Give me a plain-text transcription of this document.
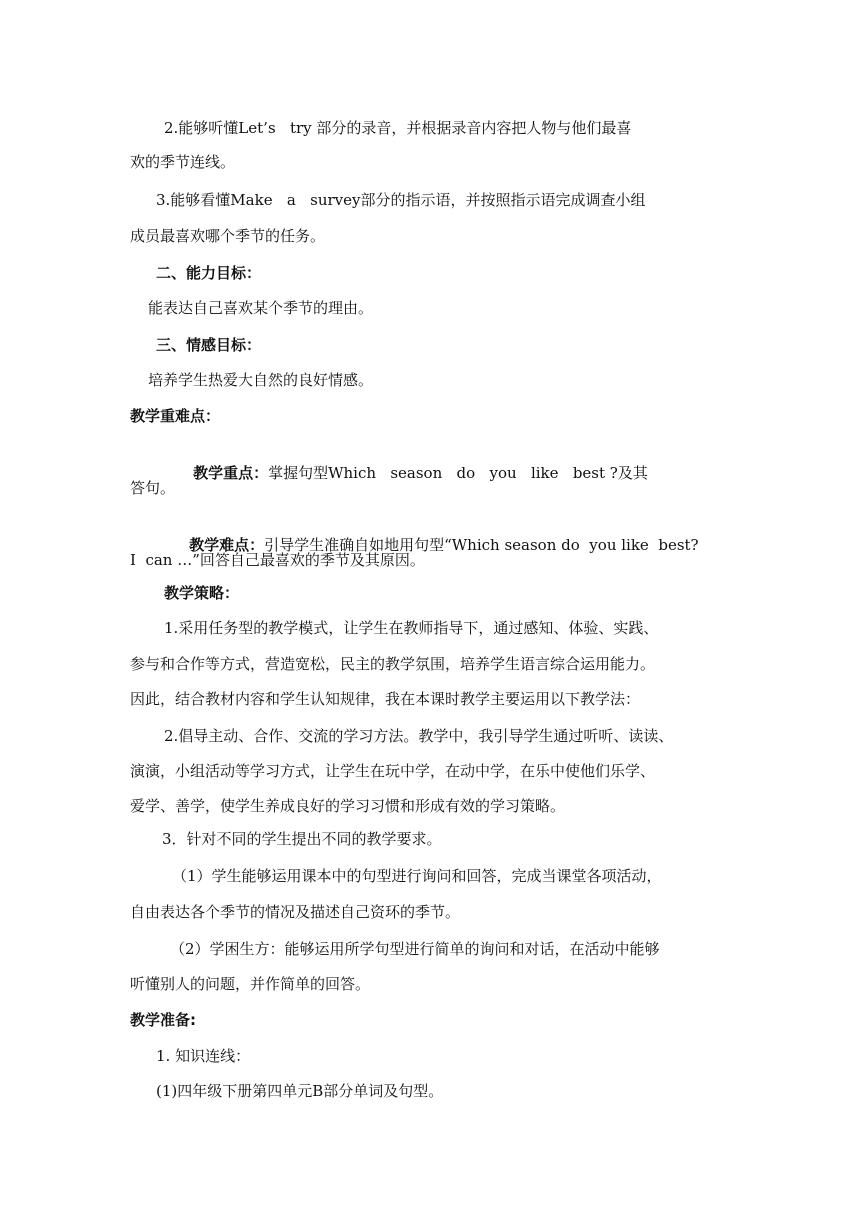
2.能够听懂Let’s   try 部分的录音，并根据录音内容把人物与他们最喜
欢的季节连线。
3.能够看懂Make   a   survey部分的指示语，并按照指示语完成调查小组
成员最喜欢哪个季节的任务。
二、能力目标：
能表达自己喜欢某个季节的理由。
三、情感目标：
培养学生热爱大自然的良好情感。
教学重难点：

教学重点：掌握句型Which   season   do   you   like   best ?及其

答句。

教学难点：引导学生准确自如地用句型“Which season do  you like  best?

I  can …”回答自己最喜欢的季节及其原因。
教学策略：
1.采用任务型的教学模式，让学生在教师指导下，通过感知、体验、实践、
参与和合作等方式，营造宽松，民主的教学氛围，培养学生语言综合运用能力。
因此，结合教材内容和学生认知规律，我在本课时教学主要运用以下教学法：
2.倡导主动、合作、交流的学习方法。教学中，我引导学生通过听听、读读、
演演，小组活动等学习方式，让学生在玩中学，在动中学，在乐中使他们乐学、
爱学、善学，使学生养成良好的学习习惯和形成有效的学习策略。
3．针对不同的学生提出不同的教学要求。
（1）学生能够运用课本中的句型进行询问和回答，完成当课堂各项活动，
自由表达各个季节的情况及描述自己资环的季节。
（2）学困生方：能够运用所学句型进行简单的询问和对话，在活动中能够
听懂别人的问题，并作简单的回答。
教学准备:
1. 知识连线：
(1)四年级下册第四单元B部分单词及句型。
